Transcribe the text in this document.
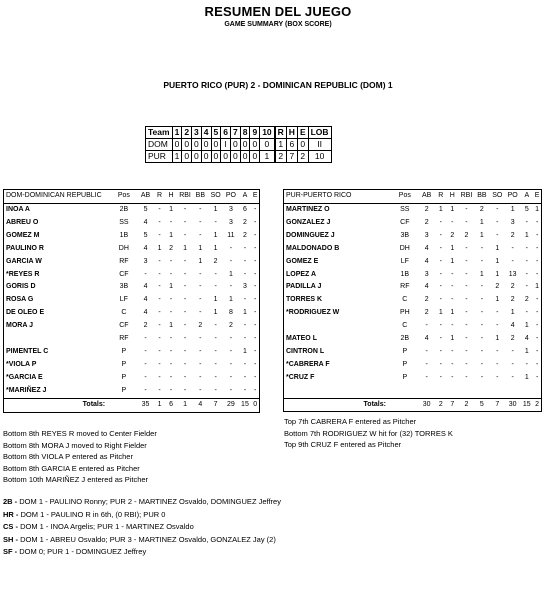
RESUMEN DEL JUEGO
GAME SUMMARY (BOX SCORE)
PUERTO RICO (PUR) 2 - DOMINICAN REPUBLIC (DOM) 1
Team	1	2	3	4	5	6	7	8	9	10	R	H	E	LOB
DOM	0	0	0	0	0	I	0	0	0	0	1	6	0	II
PUR	1	0	0	0	0	0	0	0	0	1	2	7	2	10
DOM-DOMINICAN REPUBLIC	Pos	AB	R	H	RBI	BB	SO	PO	A	E
INOA A	2B	5	-	1	-	-	1	3	6	-
ABREU O	SS	4	-	-	-	-	-	3	2	-
GOMEZ M	1B	5	-	1	-	-	1	11	2	-
PAULINO R	DH	4	1	2	1	1	1	-	-	-
GARCIA W	RF	3	-	-	-	1	2	-	-	-
*REYES R	CF	-	-	-	-	-	-	1	-	-
GORIS D	3B	4	-	1	-	-	-	-	3	-
ROSA G	LF	4	-	-	-	-	1	1	-	-
DE OLEO E	C	4	-	-	-	-	1	8	1	-
MORA J	CF	2	-	1	-	2	-	2	-	-
	RF	-	-	-	-	-	-	-	-	-
PIMENTEL C	P	-	-	-	-	-	-	-	1	-
*VIOLA P	P	-	-	-	-	-	-	-	-	-
*GARCIA E	P	-	-	-	-	-	-	-	-	-
*MARIÑEZ J	P	-	-	-	-	-	-	-	-	-
Totals:		35	1	6	1	4	7	29	15	0
PUR-PUERTO RICO	Pos	AB	R	H	RBI	BB	SO	PO	A	E
MARTINEZ O	SS	2	1	1	-	2	-	1	5	1
GONZALEZ J	CF	2	-	-	-	1	-	3	-	-
DOMINGUEZ J	3B	3	-	2	2	1	-	2	1	-
MALDONADO B	DH	4	-	1	-	-	1	-	-	-
GOMEZ E	LF	4	-	1	-	-	1	-	-	-
LOPEZ A	1B	3	-	-	-	1	1	13	-	-
PADILLA J	RF	4	-	-	-	-	2	2	-	1
TORRES K	C	2	-	-	-	-	1	2	2	-
*RODRIGUEZ W	PH	2	1	1	-	-	-	1	-	-
	C	-	-	-	-	-	-	4	1	-
MATEO L	2B	4	-	1	-	-	1	2	4	-
CINTRON L	P	-	-	-	-	-	-	-	1	-
*CABRERA F	P	-	-	-	-	-	-	-	-	-
*CRUZ F	P	-	-	-	-	-	-	-	1	-

Totals:		30	2	7	2	5	7	30	15	2
Bottom 8th REYES R moved to Center Fielder
Bottom 8th MORA J moved to Right Fielder
Bottom 8th VIOLA P entered as Pitcher
Bottom 8th GARCIA E entered as Pitcher
Bottom 10th MARIÑEZ J entered as Pitcher
Top 7th CABRERA F entered as Pitcher
Bottom 7th RODRIGUEZ W hit for (32) TORRES K
Top 9th CRUZ F entered as Pitcher
2B - DOM 1 - PAULINO Ronny; PUR 2 - MARTINEZ Osvaldo, DOMINGUEZ Jeffrey
HR - DOM 1 - PAULINO R in 6th, (0 RBI); PUR 0
CS - DOM 1 - INOA Argelis; PUR 1 - MARTINEZ Osvaldo
SH - DOM 1 - ABREU Osvaldo; PUR 3 - MARTINEZ Osvaldo, GONZALEZ Jay (2)
SF - DOM 0; PUR 1 - DOMINGUEZ Jeffrey
